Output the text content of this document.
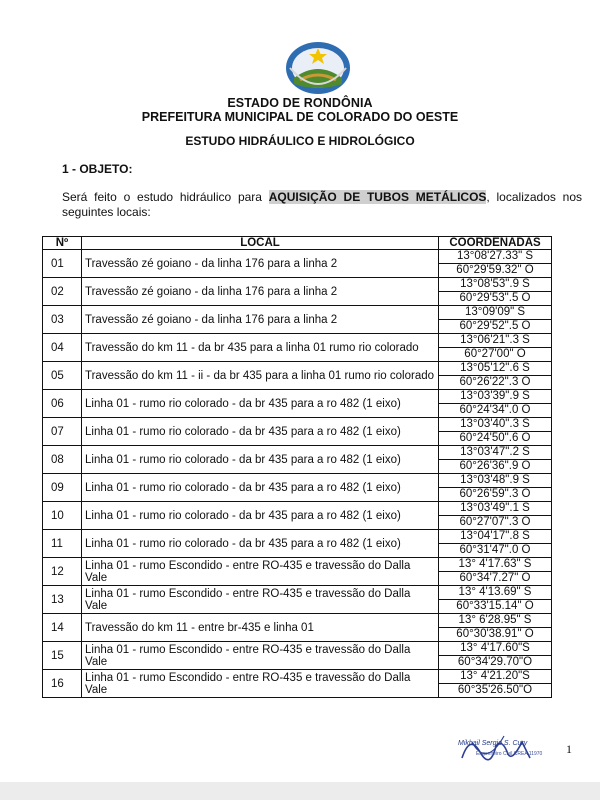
ESTADO DE RONDÔNIA
PREFEITURA MUNICIPAL DE COLORADO DO OESTE
ESTUDO HIDRÁULICO E HIDROLÓGICO
1 - OBJETO:
Será feito o estudo hidráulico para AQUISIÇÃO DE TUBOS METÁLICOS, localizados nos seguintes locais:
Nº	LOCAL	COORDENADAS
01	Travessão zé goiano - da linha 176 para a linha 2	13°08'27.33" S
		60°29'59.32" O
02	Travessão zé goiano - da linha 176 para a linha 2	13°08'53".9 S
		60°29'53".5 O
03	Travessão zé goiano - da linha 176 para a linha 2	13°09'09" S
		60°29'52".5 O
04	Travessão do km 11 - da br 435 para a linha 01 rumo rio colorado	13°06'21".3 S
		60°27'00" O
05	Travessão do km 11 - ii - da br 435 para a linha 01 rumo rio colorado	13°05'12".6 S
		60°26'22".3 O
06	Linha 01 - rumo rio colorado - da br 435 para a ro 482 (1 eixo)	13°03'39".9 S
		60°24'34".0 O
07	Linha 01 - rumo rio colorado - da br 435 para a ro 482 (1 eixo)	13°03'40".3 S
		60°24'50".6 O
08	Linha 01 - rumo rio colorado - da br 435 para a ro 482 (1 eixo)	13°03'47".2 S
		60°26'36".9 O
09	Linha 01 - rumo rio colorado - da br 435 para a ro 482 (1 eixo)	13°03'48".9 S
		60°26'59".3 O
10	Linha 01 - rumo rio colorado - da br 435 para a ro 482 (1 eixo)	13°03'49".1 S
		60°27'07".3 O
11	Linha 01 - rumo rio colorado - da br 435 para a ro 482 (1 eixo)	13°04'17".8 S
		60°31'47".0 O
12	Linha 01 - rumo Escondido - entre RO-435 e travessão do Dalla Vale	13° 4'17.63" S
		60°34'7.27" O
13	Linha 01 - rumo Escondido - entre RO-435 e travessão do Dalla Vale	13° 4'13.69" S
		60°33'15.14" O
14	Travessão do km 11 - entre br-435 e linha 01	13° 6'28.95" S
		60°30'38.91" O
15	Linha 01 - rumo Escondido - entre RO-435 e travessão do Dalla Vale	13° 4'17.60"S
		60°34'29.70"O
16	Linha 01 - rumo Escondido - entre RO-435 e travessão do Dalla Vale	13° 4'21.20"S
		60°35'26.50"O
Mikhail Sergio S. Cury
Engenheiro Civil CREA 11970 1
